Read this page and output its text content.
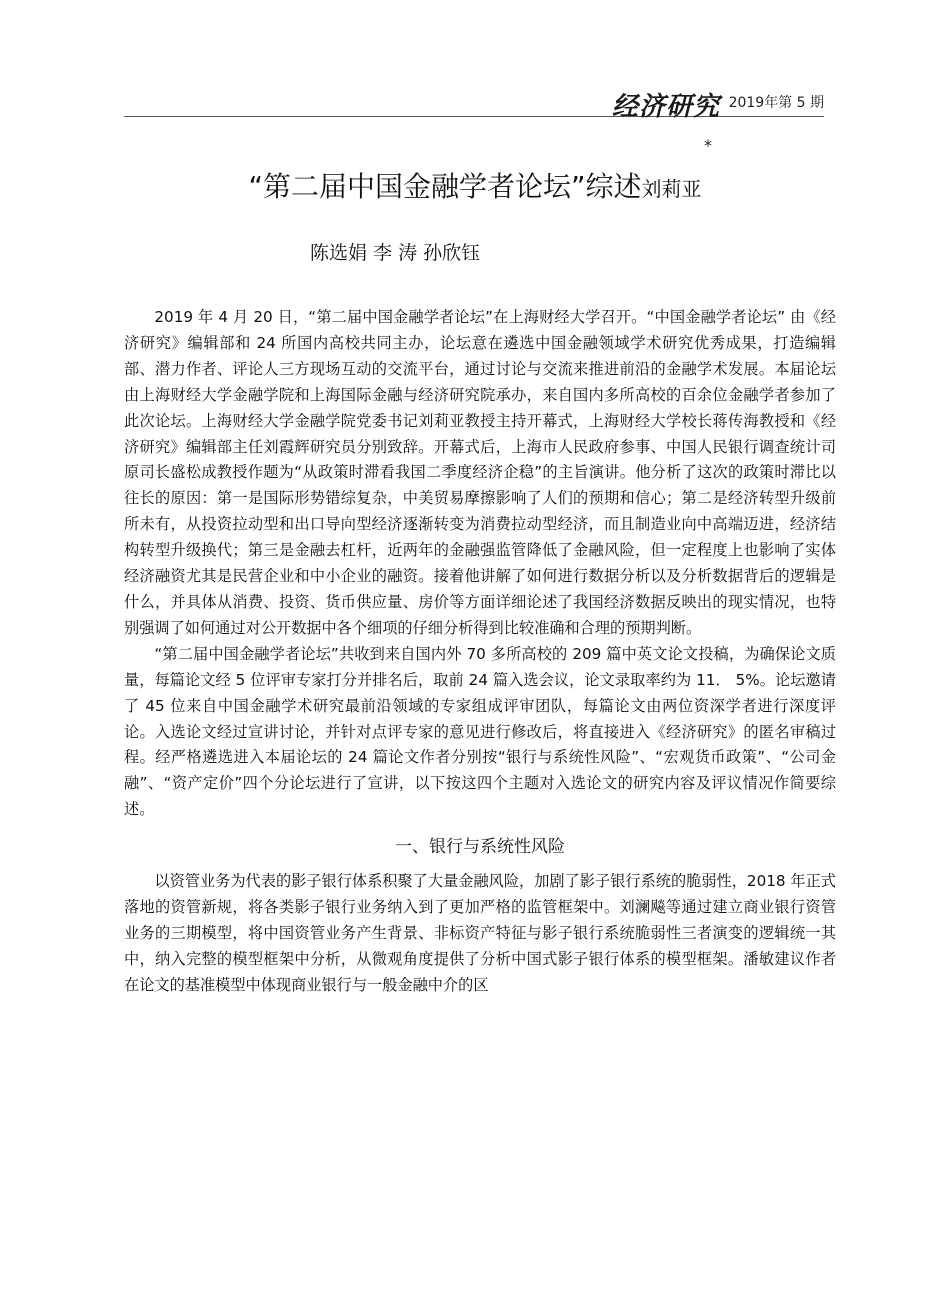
经济研究 2019年第 5 期
*
“第二届中国金融学者论坛”综述刘莉亚
陈选娟 李 涛 孙欣钰

2019 年 4 月 20 日，“第二届中国金融学者论坛”在上海财经大学召开。“中国金融学者论坛” 由《经济研究》编辑部和 24 所国内高校共同主办，论坛意在遴选中国金融领域学术研究优秀成果，打造编辑部、潜力作者、评论人三方现场互动的交流平台，通过讨论与交流来推进前沿的金融学术发展。本届论坛由上海财经大学金融学院和上海国际金融与经济研究院承办，来自国内多所高校的百余位金融学者参加了此次论坛。上海财经大学金融学院党委书记刘莉亚教授主持开幕式，上海财经大学校长蒋传海教授和《经济研究》编辑部主任刘霞辉研究员分别致辞。开幕式后，上海市人民政府参事、中国人民银行调查统计司原司长盛松成教授作题为“从政策时滞看我国二季度经济企稳”的主旨演讲。他分析了这次的政策时滞比以往长的原因：第一是国际形势错综复杂，中美贸易摩擦影响了人们的预期和信心；第二是经济转型升级前所未有，从投资拉动型和出口导向型经济逐渐转变为消费拉动型经济，而且制造业向中高端迈进，经济结构转型升级换代；第三是金融去杠杆，近两年的金融强监管降低了金融风险，但一定程度上也影响了实体经济融资尤其是民营企业和中小企业的融资。接着他讲解了如何进行数据分析以及分析数据背后的逻辑是什么，并具体从消费、投资、货币供应量、房价等方面详细论述了我国经济数据反映出的现实情况，也特别强调了如何通过对公开数据中各个细项的仔细分析得到比较准确和合理的预期判断。

“第二届中国金融学者论坛”共收到来自国内外 70 多所高校的 209 篇中英文论文投稿，为确保论文质量，每篇论文经 5 位评审专家打分并排名后，取前 24 篇入选会议，论文录取率约为 11． 5%。论坛邀请了 45 位来自中国金融学术研究最前沿领域的专家组成评审团队，每篇论文由两位资深学者进行深度评论。入选论文经过宣讲讨论，并针对点评专家的意见进行修改后，将直接进入《经济研究》的匿名审稿过程。经严格遴选进入本届论坛的 24 篇论文作者分别按“银行与系统性风险”、“宏观货币政策”、“公司金融”、“资产定价”四个分论坛进行了宣讲，以下按这四个主题对入选论文的研究内容及评议情况作简要综述。

一、银行与系统性风险

以资管业务为代表的影子银行体系积聚了大量金融风险，加剧了影子银行系统的脆弱性，2018 年正式落地的资管新规，将各类影子银行业务纳入到了更加严格的监管框架中。刘澜飚等通过建立商业银行资管业务的三期模型，将中国资管业务产生背景、非标资产特征与影子银行系统脆弱性三者演变的逻辑统一其中，纳入完整的模型框架中分析，从微观角度提供了分析中国式影子银行体系的模型框架。潘敏建议作者在论文的基准模型中体现商业银行与一般金融中介的区
